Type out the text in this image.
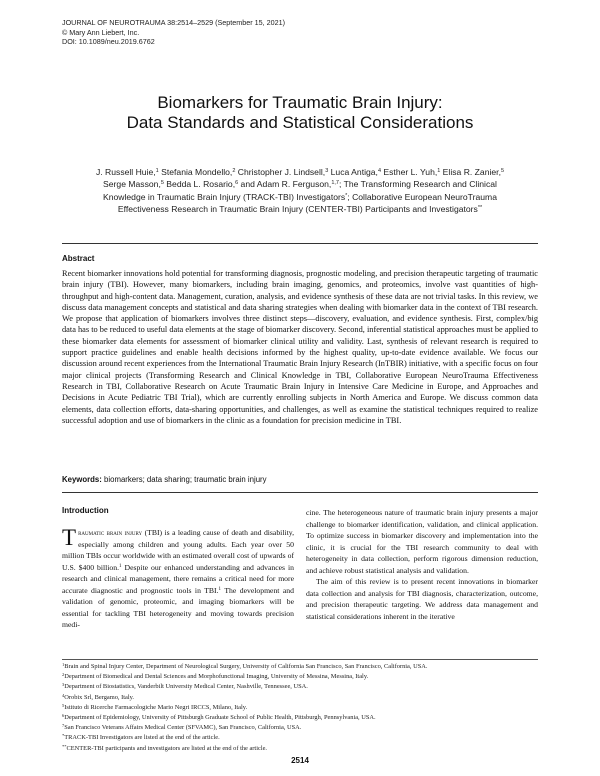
JOURNAL OF NEUROTRAUMA 38:2514–2529 (September 15, 2021)
© Mary Ann Liebert, Inc.
DOI: 10.1089/neu.2019.6762
Biomarkers for Traumatic Brain Injury:
Data Standards and Statistical Considerations
J. Russell Huie,$^1$ Stefania Mondello,$^2$ Christopher J. Lindsell,$^3$ Luca Antiga,$^4$ Esther L. Yuh,$^1$ Elisa R. Zanier,$^5$
Serge Masson,$^5$ Bedda L. Rosario,$^6$ and Adam R. Ferguson,$^{1,7}$; The Transforming Research and Clinical
Knowledge in Traumatic Brain Injury (TRACK-TBI) Investigators*; Collaborative European NeuroTrauma
Effectiveness Research in Traumatic Brain Injury (CENTER-TBI) Participants and Investigators**
Abstract
Recent biomarker innovations hold potential for transforming diagnosis, prognostic modeling, and precision therapeutic targeting of traumatic brain injury (TBI). However, many biomarkers, including brain imaging, genomics, and proteomics, involve vast quantities of high-throughput and high-content data. Management, curation, analysis, and evidence synthesis of these data are not trivial tasks. In this review, we discuss data management concepts and statistical and data sharing strategies when dealing with biomarker data in the context of TBI research. We propose that application of biomarkers involves three distinct steps—discovery, evaluation, and evidence synthesis. First, complex/big data has to be reduced to useful data elements at the stage of biomarker discovery. Second, inferential statistical approaches must be applied to these biomarker data elements for assessment of biomarker clinical utility and validity. Last, synthesis of relevant research is required to support practice guidelines and enable health decisions informed by the highest quality, up-to-date evidence available. We focus our discussion around recent experiences from the International Traumatic Brain Injury Research (InTBIR) initiative, with a specific focus on four major clinical projects (Transforming Research and Clinical Knowledge in TBI, Collaborative European NeuroTrauma Effectiveness Research in TBI, Collaborative Research on Acute Traumatic Brain Injury in Intensive Care Medicine in Europe, and Approaches and Decisions in Acute Pediatric TBI Trial), which are currently enrolling subjects in North America and Europe. We discuss common data elements, data collection efforts, data-sharing opportunities, and challenges, as well as examine the statistical techniques required to realize successful adoption and use of biomarkers in the clinic as a foundation for precision medicine in TBI.
Keywords: biomarkers; data sharing; traumatic brain injury
Introduction

Traumatic brain injury (TBI) is a leading cause of death and disability, especially among children and young adults. Each year over 50 million TBIs occur worldwide with an estimated overall cost of upwards of U.S. $400 billion.$^1$ Despite our enhanced understanding and advances in research and clinical management, there remains a critical need for more accurate diagnostic and prognostic tools in TBI.$^1$ The development and validation of genomic, proteomic, and imaging biomarkers will be essential for tackling TBI heterogeneity and moving towards precision medi-

cine. The heterogeneous nature of traumatic brain injury presents a major challenge to biomarker identification, validation, and clinical application. To optimize success in biomarker discovery and implementation into the clinic, it is crucial for the TBI research community to deal with heterogeneity in data collection, perform rigorous dimension reduction, and achieve robust statistical analysis and validation.

The aim of this review is to present recent innovations in biomarker data collection and analysis for TBI diagnosis, characterization, outcome, and precision therapeutic targeting. We address data management and statistical considerations inherent in the iterative

$^1$Brain and Spinal Injury Center, Department of Neurological Surgery, University of California San Francisco, San Francisco, California, USA.
$^2$Department of Biomedical and Dental Sciences and Morphofunctional Imaging, University of Messina, Messina, Italy.
$^3$Department of Biostatistics, Vanderbilt University Medical Center, Nashville, Tennessee, USA.
$^4$Orobix Srl, Bergamo, Italy.
$^5$Istituto di Ricerche Farmacologiche Mario Negri IRCCS, Milano, Italy.
$^6$Department of Epidemiology, University of Pittsburgh Graduate School of Public Health, Pittsburgh, Pennsylvania, USA.
$^7$San Francisco Veterans Affairs Medical Center (SFVAMC), San Francisco, California, USA.
*TRACK-TBI Investigators are listed at the end of the article.
**CENTER-TBI participants and investigators are listed at the end of the article.
2514
